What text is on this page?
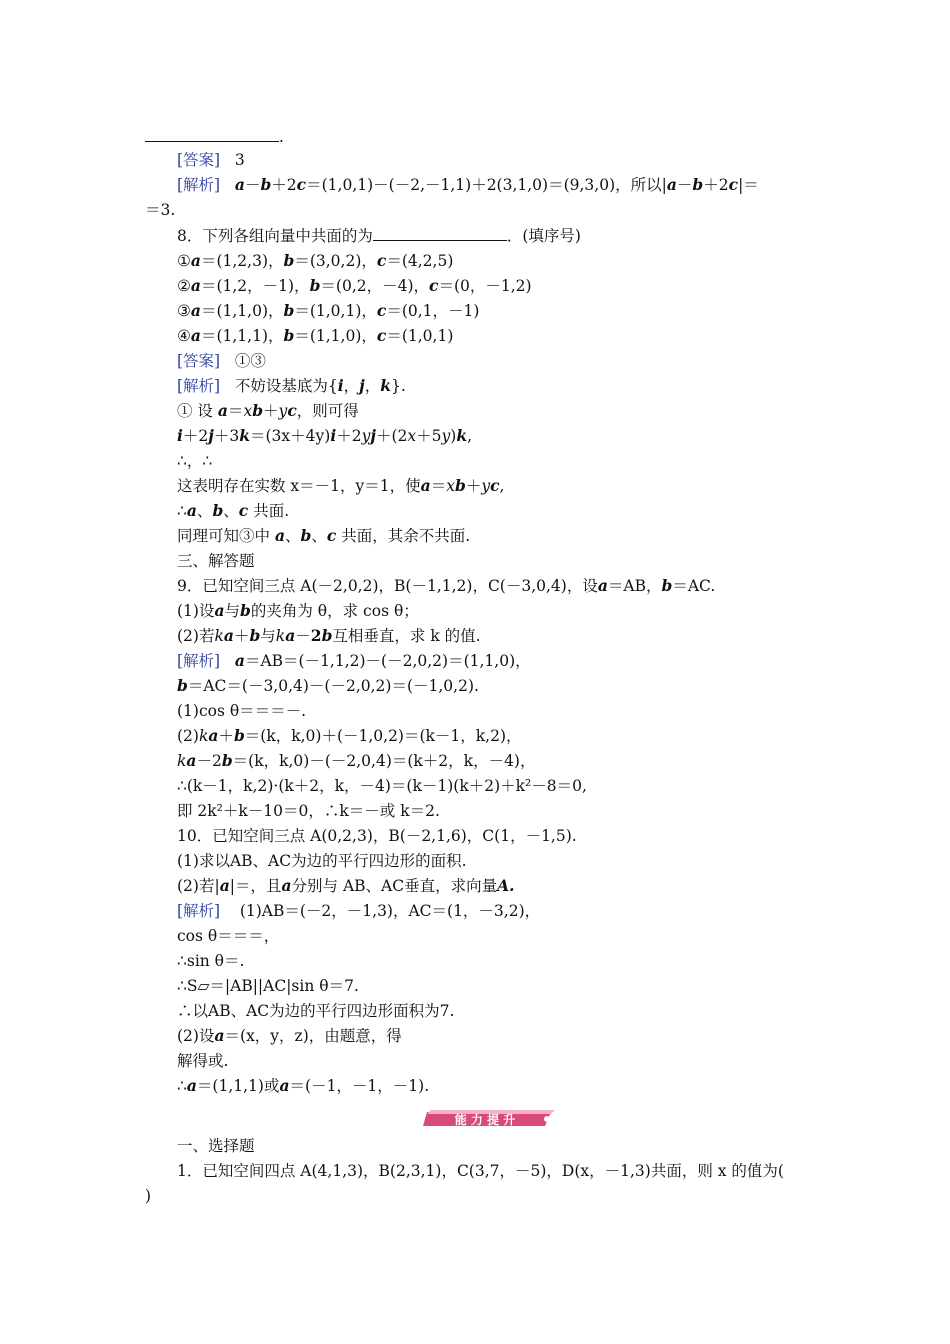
.
[答案] 3
[解析] a－b＋2c＝(1,0,1)－(－2,－1,1)＋2(3,1,0)＝(9,3,0)，所以|a－b＋2c|＝
＝3.
8．下列各组向量中共面的为	．(填序号)
①a＝(1,2,3)，b＝(3,0,2)，c＝(4,2,5)
②a＝(1,2，－1)，b＝(0,2，－4)，c＝(0，－1,2)
③a＝(1,1,0)，b＝(1,0,1)，c＝(0,1，－1)
④a＝(1,1,1)，b＝(1,1,0)，c＝(1,0,1)
[答案] ①③
[解析] 不妨设基底为{i，j，k}.
① 设 a＝xb＋yc，则可得
i＋2j＋3k＝(3x＋4y)i＋2yj＋(2x＋5y)k,
∴，∴
这表明存在实数 x＝－1，y＝1，使a＝xb＋yc,
∴a、b、c 共面.
同理可知③中 a、b、c 共面，其余不共面.
三、解答题
9．已知空间三点 A(－2,0,2)，B(－1,1,2)，C(－3,0,4)，设a＝AB，b＝AC.
(1)设a与b的夹角为 θ，求 cos θ；
(2)若ka＋b与ka－2b互相垂直，求 k 的值.
[解析] a＝AB＝(－1,1,2)－(－2,0,2)＝(1,1,0)，
b＝AC＝(－3,0,4)－(－2,0,2)＝(－1,0,2).
(1)cos θ＝＝＝－.
(2)ka＋b＝(k，k,0)＋(－1,0,2)＝(k－1，k,2)，
ka－2b＝(k，k,0)－(－2,0,4)＝(k＋2，k，－4)，
∴(k－1，k,2)·(k＋2，k，－4)＝(k－1)(k＋2)＋k²－8＝0,
即 2k²＋k－10＝0，∴k＝－或 k＝2.
10．已知空间三点 A(0,2,3)，B(－2,1,6)，C(1，－1,5).
(1)求以AB、AC为边的平行四边形的面积.
(2)若|a|＝，且a分别与 AB、AC垂直，求向量A.
[解析] (1)AB＝(－2，－1,3)，AC＝(1，－3,2)，
cos θ＝＝＝，
∴sin θ＝.
∴S▱＝|AB||AC|sin θ＝7.
∴以AB、AC为边的平行四边形面积为7.
(2)设a＝(x，y，z)，由题意，得
解得或.
∴a＝(1,1,1)或a＝(－1，－1，－1).
能 力 提 升
一、选择题
1．已知空间四点 A(4,1,3)，B(2,3,1)，C(3,7，－5)，D(x，－1,3)共面，则 x 的值为(
)
